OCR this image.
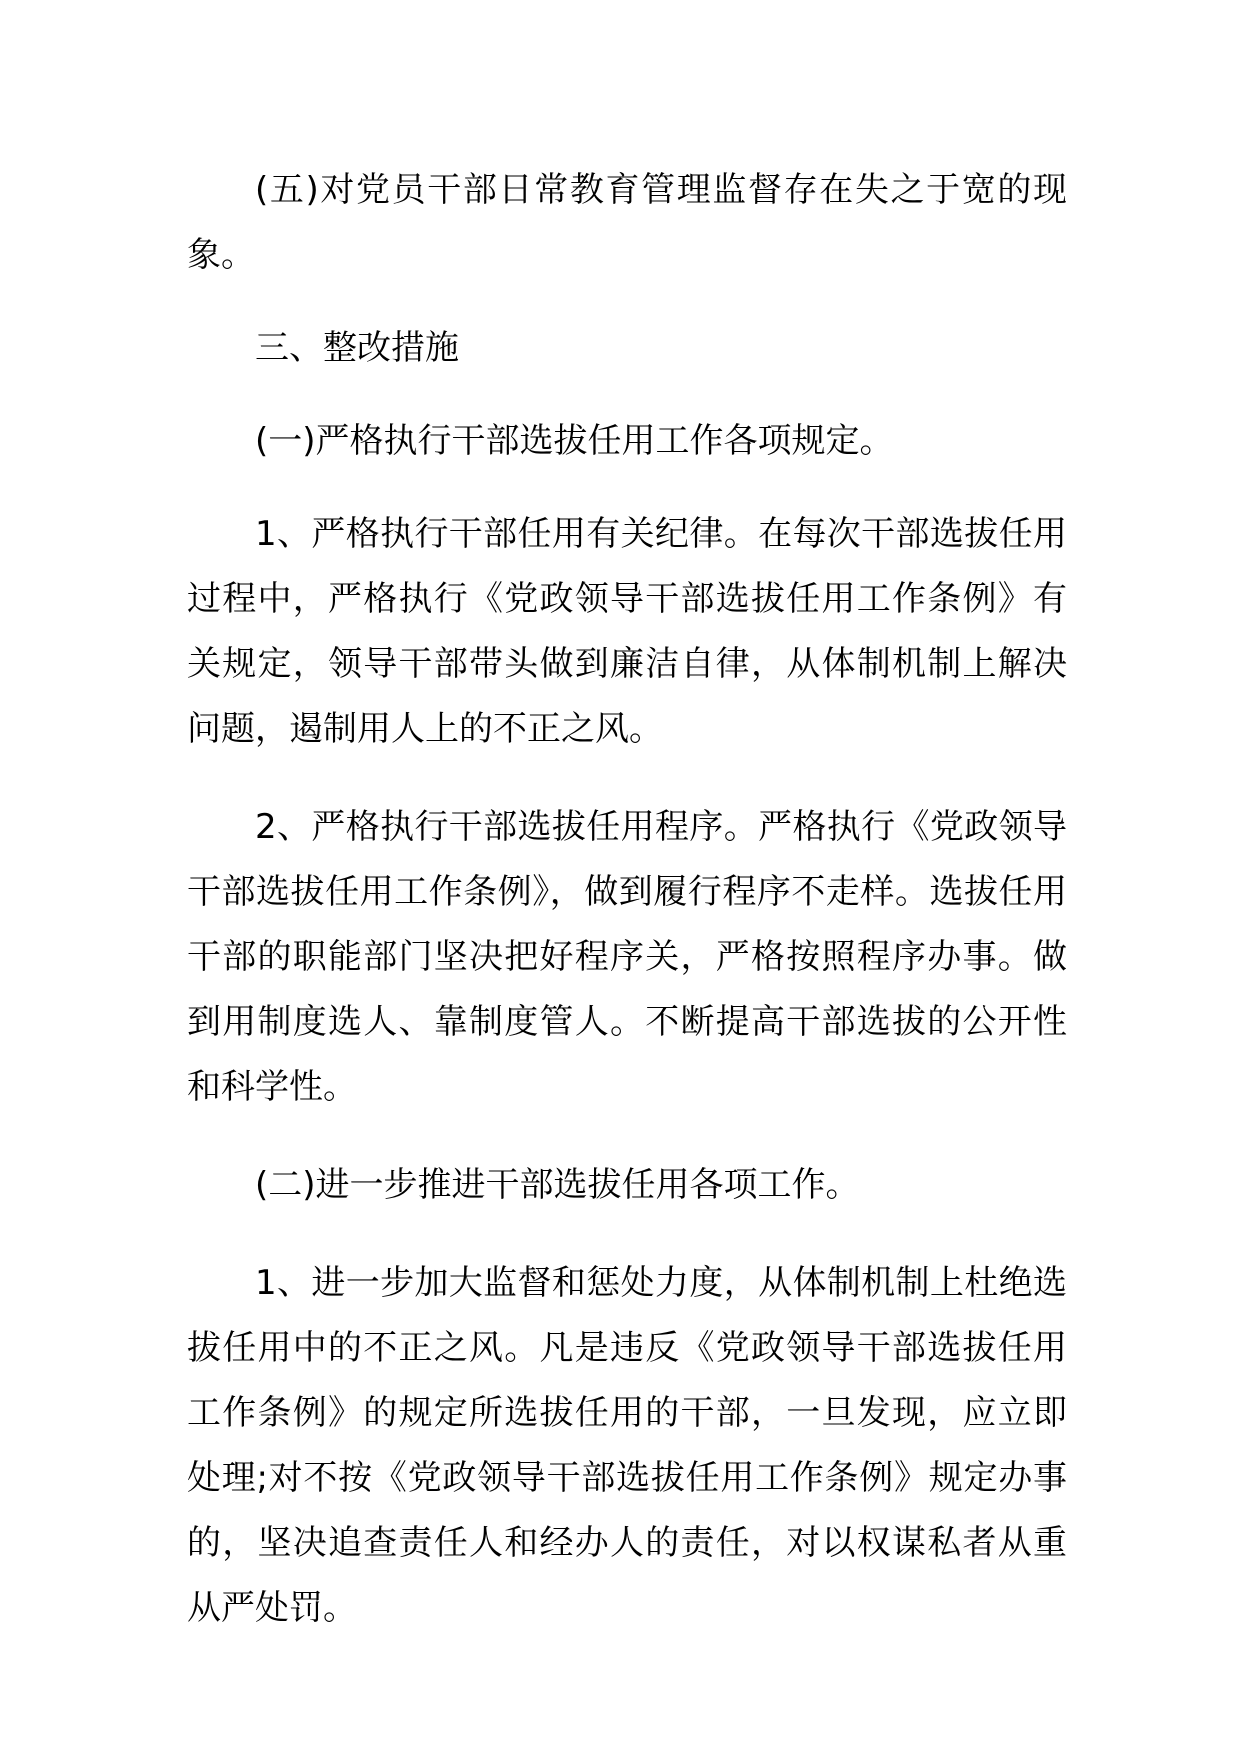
(五)对党员干部日常教育管理监督存在失之于宽的现象。

三、整改措施

(一)严格执行干部选拔任用工作各项规定。

1、严格执行干部任用有关纪律。在每次干部选拔任用过程中，严格执行《党政领导干部选拔任用工作条例》有关规定，领导干部带头做到廉洁自律，从体制机制上解决问题，遏制用人上的不正之风。

2、严格执行干部选拔任用程序。严格执行《党政领导干部选拔任用工作条例》，做到履行程序不走样。选拔任用干部的职能部门坚决把好程序关，严格按照程序办事。做到用制度选人、靠制度管人。不断提高干部选拔的公开性和科学性。

(二)进一步推进干部选拔任用各项工作。

1、进一步加大监督和惩处力度，从体制机制上杜绝选拔任用中的不正之风。凡是违反《党政领导干部选拔任用工作条例》的规定所选拔任用的干部，一旦发现，应立即处理;对不按《党政领导干部选拔任用工作条例》规定办事的，坚决追查责任人和经办人的责任，对以权谋私者从重从严处罚。
